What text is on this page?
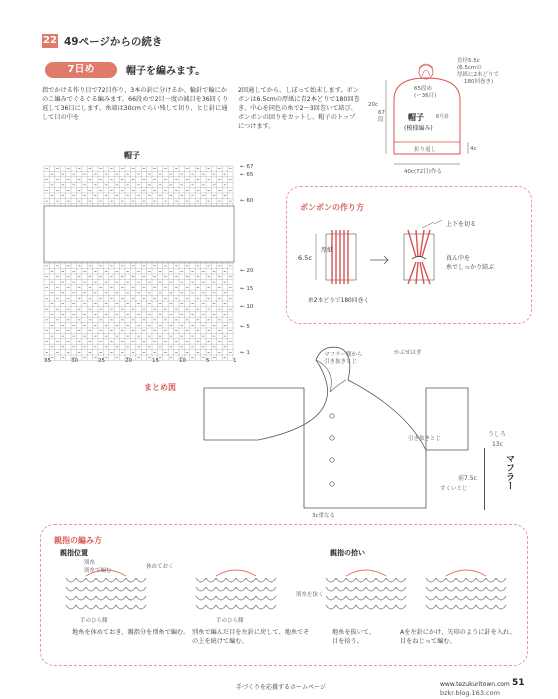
22 49ページからの続き
7日め	帽子を編みます。
指でかける作り目で72目作り、3本の針に分けるか、輪針で輪にかのこ編みでぐるぐる編みます。66段めで2目一度の減目を36回くり返して36目にします。糸端は30cmぐらい残して切り、とじ針に通して目の中を
2回通してから、しぼって始末します。ボンボンは6.5cmの厚紙に青2本どりで180回巻き、中心を同色の糸で2〜3回巻いて結び、ボンボンの回りをカットし、帽子のトップにつけます。
直径5.5c
(6.5cmの
厚紙に2本どりで
180回巻き)
65段め
(ー36目)
20c
67
段	帽子 6号針
(模様編み)
折り返し	4c
40c(72目)作る
帽子
← 67
← 65
← 60
← 20
← 15
← 10
← 5
← 1
35	30	25	20	15	10	5	1
ボンボンの作り方
6.5c
厚紙
糸2本どりで180回巻く
上下を切る
真ん中を
糸でしっかり結ぶ
まとめ図
マフラー側から
引き抜きとじ
かぶせはぎ
引き抜きとじ
うしろ
13c
前7.5c
3c重なる
すくいとじ	マフラー
親指の編み方
親指位置	親指の拾い
別糸
別糸で編む
休めておく
手のひら側	手のひら側
別糸を抜く
地糸を休めておき、親指分を別糸で編む。 別糸で編んだ目を左針に戻して、地糸でその上を続けて編む。
地糸を抜いて、
目を拾う。
Aを左針にかけ、矢印のように針を入れ、目をねじって編む。
手づくりを応援するホームページ	www.tezukuritown.com 51
bzkr.blog.163.com
